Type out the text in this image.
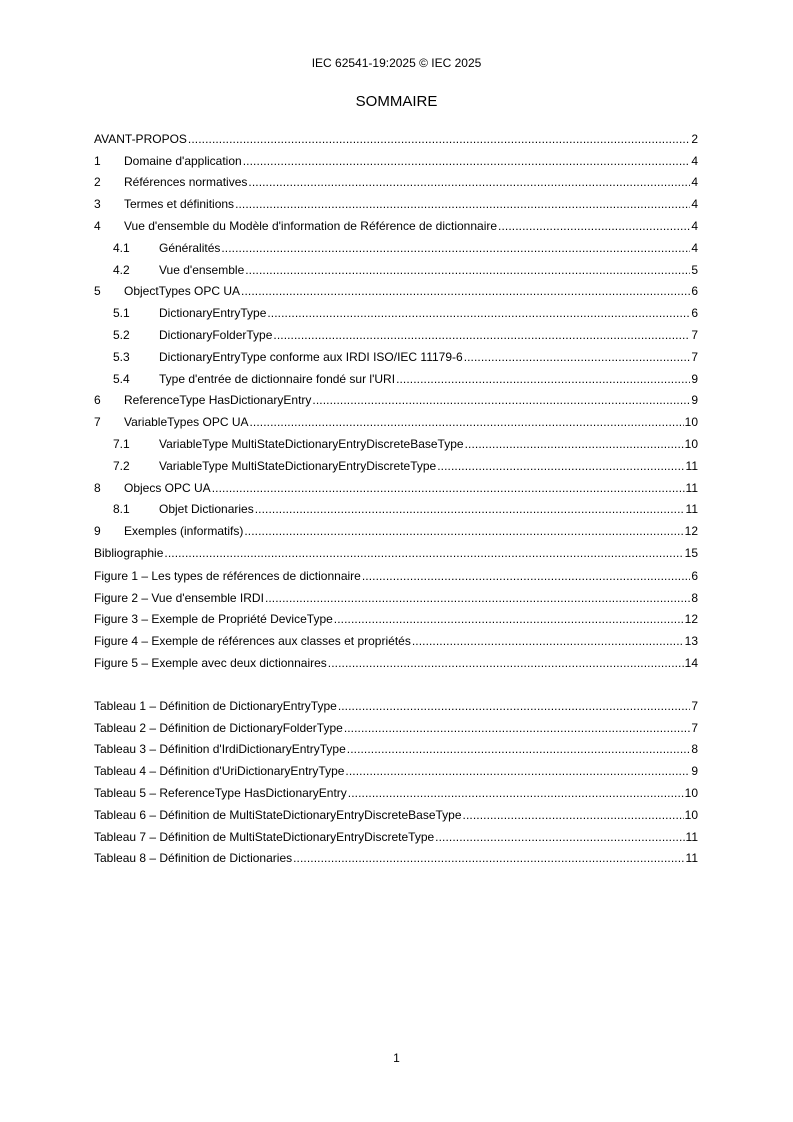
IEC 62541-19:2025 © IEC 2025
SOMMAIRE
AVANT-PROPOS .....	2
1	Domaine d'application .....	4
2	Références normatives .....	4
3	Termes et définitions .....	4
4	Vue d'ensemble du Modèle d'information de Référence de dictionnaire .....	4
4.1	Généralités .....	4
4.2	Vue d'ensemble .....	5
5	ObjectTypes OPC UA .....	6
5.1	DictionaryEntryType .....	6
5.2	DictionaryFolderType .....	7
5.3	DictionaryEntryType conforme aux IRDI ISO/IEC 11179-6 .....	7
5.4	Type d'entrée de dictionnaire fondé sur l'URI .....	9
6	ReferenceType HasDictionaryEntry .....	9
7	VariableTypes OPC UA .....	10
7.1	VariableType MultiStateDictionaryEntryDiscreteBaseType .....	10
7.2	VariableType MultiStateDictionaryEntryDiscreteType .....	11
8	Objecs OPC UA .....	11
8.1	Objet Dictionaries .....	11
9	Exemples (informatifs) .....	12
Bibliographie .....	15
Figure 1 – Les types de références de dictionnaire .....	6
Figure 2 – Vue d'ensemble IRDI .....	8
Figure 3 – Exemple de Propriété DeviceType .....	12
Figure 4 – Exemple de références aux classes et propriétés .....	13
Figure 5 – Exemple avec deux dictionnaires .....	14
Tableau 1 – Définition de DictionaryEntryType .....	7
Tableau 2 – Définition de DictionaryFolderType .....	7
Tableau 3 – Définition d'IrdiDictionaryEntryType .....	8
Tableau 4 – Définition d'UriDictionaryEntryType .....	9
Tableau 5 – ReferenceType HasDictionaryEntry .....	10
Tableau 6 – Définition de MultiStateDictionaryEntryDiscreteBaseType .....	10
Tableau 7 – Définition de MultiStateDictionaryEntryDiscreteType .....	11
Tableau 8 – Définition de Dictionaries .....	11
1
